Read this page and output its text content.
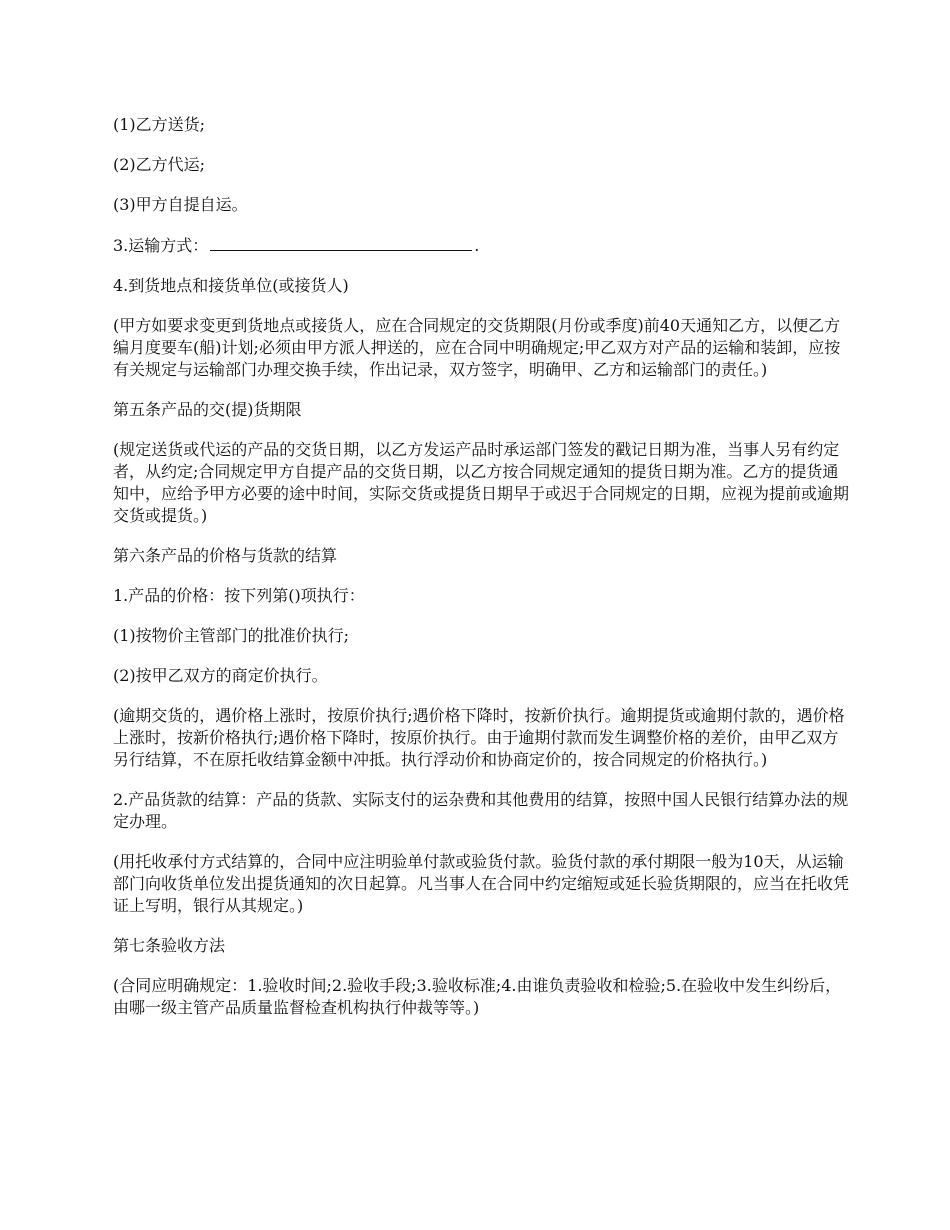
(1)乙方送货;

(2)乙方代运;

(3)甲方自提自运。

3.运输方式：	.

4.到货地点和接货单位(或接货人)

(甲方如要求变更到货地点或接货人，应在合同规定的交货期限(月份或季度)前40天通知乙方，以便乙方编月度要车(船)计划;必须由甲方派人押送的，应在合同中明确规定;甲乙双方对产品的运输和装卸，应按有关规定与运输部门办理交换手续，作出记录，双方签字，明确甲、乙方和运输部门的责任。)

第五条产品的交(提)货期限

(规定送货或代运的产品的交货日期，以乙方发运产品时承运部门签发的戳记日期为准，当事人另有约定者，从约定;合同规定甲方自提产品的交货日期，以乙方按合同规定通知的提货日期为准。乙方的提货通知中，应给予甲方必要的途中时间，实际交货或提货日期早于或迟于合同规定的日期，应视为提前或逾期交货或提货。)

第六条产品的价格与货款的结算

1.产品的价格：按下列第()项执行：

(1)按物价主管部门的批准价执行;

(2)按甲乙双方的商定价执行。

(逾期交货的，遇价格上涨时，按原价执行;遇价格下降时，按新价执行。逾期提货或逾期付款的，遇价格上涨时，按新价格执行;遇价格下降时，按原价执行。由于逾期付款而发生调整价格的差价，由甲乙双方另行结算，不在原托收结算金额中冲抵。执行浮动价和协商定价的，按合同规定的价格执行。)

2.产品货款的结算：产品的货款、实际支付的运杂费和其他费用的结算，按照中国人民银行结算办法的规定办理。

(用托收承付方式结算的，合同中应注明验单付款或验货付款。验货付款的承付期限一般为10天，从运输部门向收货单位发出提货通知的次日起算。凡当事人在合同中约定缩短或延长验货期限的，应当在托收凭证上写明，银行从其规定。)

第七条验收方法

(合同应明确规定：1.验收时间;2.验收手段;3.验收标准;4.由谁负责验收和检验;5.在验收中发生纠纷后，由哪一级主管产品质量监督检查机构执行仲裁等等。)
